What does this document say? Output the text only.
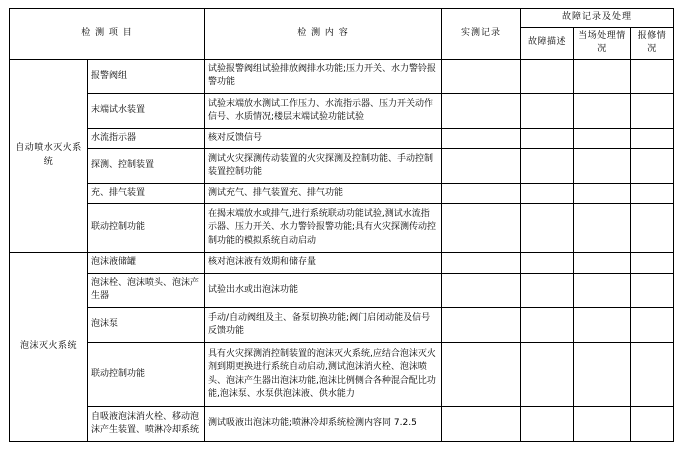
检 测 项 目		检 测 内 容	实测记录	故障记录及处理		
				故障描述	当场处理情况	报修情况
自动喷水灭火系统	报警阀组	试验报警阀组试验排放阀排水功能;压力开关、水力警铃报警功能				
	末端试水装置	试验末端放水测试工作压力、水流指示器、压力开关动作信号、水质情况;楼层末端试验功能试验				
	水流指示器	核对反馈信号				
	探测、控制装置	测试火灾探测传动装置的火灾探测及控制功能、手动控制装置控制功能				
	充、排气装置	测试充气、排气装置充、排气功能				
	联动控制功能	在揭末端放水或排气,进行系统联动功能试验,测试水流指示器、压力开关、水力警铃报警功能;具有火灾探测传动控制功能的模拟系统自动启动				
泡沫灭火系统	泡沫液储罐	核对泡沫液有效期和储存量				
	泡沫栓、泡沫喷头、泡沫产生器	试验出水或出泡沫功能				
	泡沫泵	手动/自动阀组及主、备泵切换功能;阀门启闭动能及信号反馈功能				
	联动控制功能	具有火灾探测消控制装置的泡沫灭火系统,应结合泡沫灭火剂到期更换进行系统自动启动,测试泡沫消火栓、泡沫喷头、泡沫产生器出泡沫功能,泡沫比例侧合各种混合配比功能,泡沫泵、水泵供泡沫液、供水能力				
	自吸液泡沫消火栓、移动泡沫产生装置、喷淋冷却系统	测试吸液出泡沫功能;喷淋冷却系统检测内容同 7.2.5				
